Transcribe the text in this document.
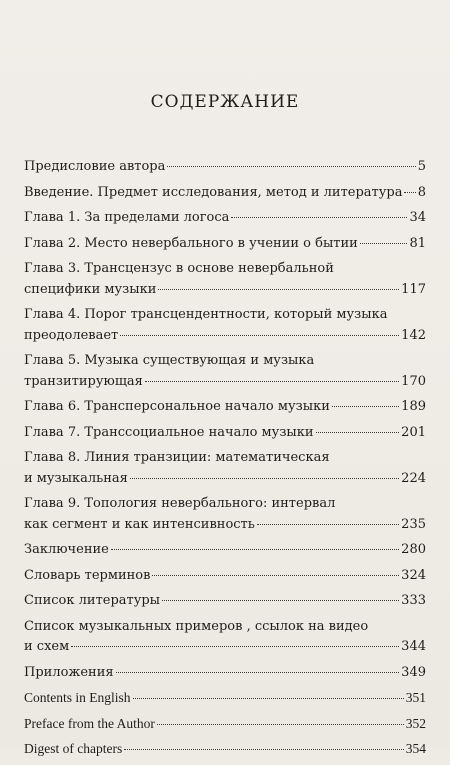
СОДЕРЖАНИЕ
Предисловие автора	5
Введение. Предмет исследования, метод и литература 8
Глава 1. За пределами логоса	34
Глава 2. Место невербального в учении о бытии	81
Глава 3. Трансцензус в основе невербальной
специфики музыки	117
Глава 4. Порог трансцендентности, который музыка
преодолевает	142
Глава 5. Музыка существующая и музыка
транзитирующая	170
Глава 6. Трансперсональное начало музыки	189
Глава 7. Транссоциальное начало музыки	201
Глава 8. Линия транзиции: математическая
и музыкальная	224
Глава 9. Топология невербального: интервал
как сегмент и как интенсивность	235
Заключение	280
Словарь терминов	324
Список литературы	333
Список музыкальных примеров , ссылок на видео
и схем	344
Приложения	349
Contents in English	351
Preface from the Author	352
Digest of chapters	354
